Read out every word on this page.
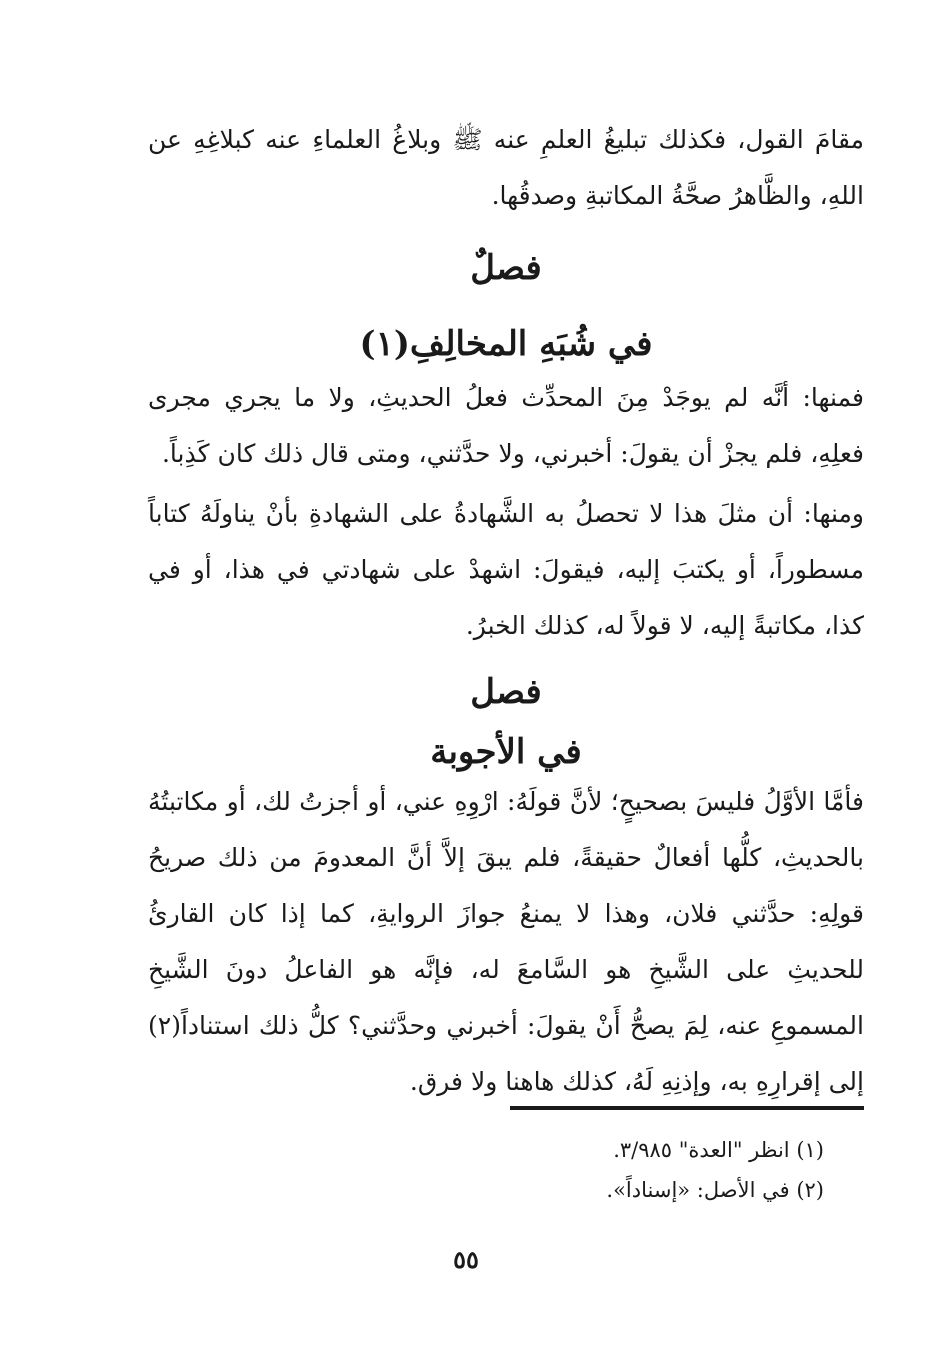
مقامَ القول، فكذلك تبليغُ العلمِ عنه ﷺ وبلاغُ العلماءِ عنه كبلاغِهِ عن اللهِ، والظَّاهرُ صحَّةُ المكاتبةِ وصدقُها.

فصلٌ
في شُبَهِ المخالِفِ(١)

فمنها: أنَّه لم يوجَدْ مِنَ المحدِّث فعلُ الحديثِ، ولا ما يجري مجرى فعلِهِ، فلم يجزْ أن يقولَ: أخبرني، ولا حدَّثني، ومتى قال ذلك كان كَذِباً.

ومنها: أن مثلَ هذا لا تحصلُ به الشَّهادةُ على الشهادةِ بأنْ يناولَهُ كتاباً مسطوراً، أو يكتبَ إليه، فيقولَ: اشهدْ على شهادتي في هذا، أو في كذا، مكاتبةً إليه، لا قولاً له، كذلك الخبرُ.

فصل
في الأجوبة

فأمَّا الأوَّلُ فليسَ بصحيحٍ؛ لأنَّ قولَهُ: ارْوِهِ عني، أو أجزتُ لك، أو مكاتبتُهُ بالحديثِ، كلُّها أفعالٌ حقيقةً، فلم يبقَ إلاَّ أنَّ المعدومَ من ذلك صريحُ قولِهِ: حدَّثني فلان، وهذا لا يمنعُ جوازَ الروايةِ، كما إذا كان القارئُ للحديثِ على الشَّيخِ هو السَّامعَ له، فإنَّه هو الفاعلُ دونَ الشَّيخِ المسموعِ عنه، لِمَ يصحُّ أَنْ يقولَ: أخبرني وحدَّثني؟ كلُّ ذلك استناداً(٢) إلى إقرارِهِ به، وإذنِهِ لَهُ، كذلك هاهنا ولا فرق.

(١) انظر "العدة" ٣/٩٨٥.

(٢) في الأصل: «إسناداً».

٥٥
